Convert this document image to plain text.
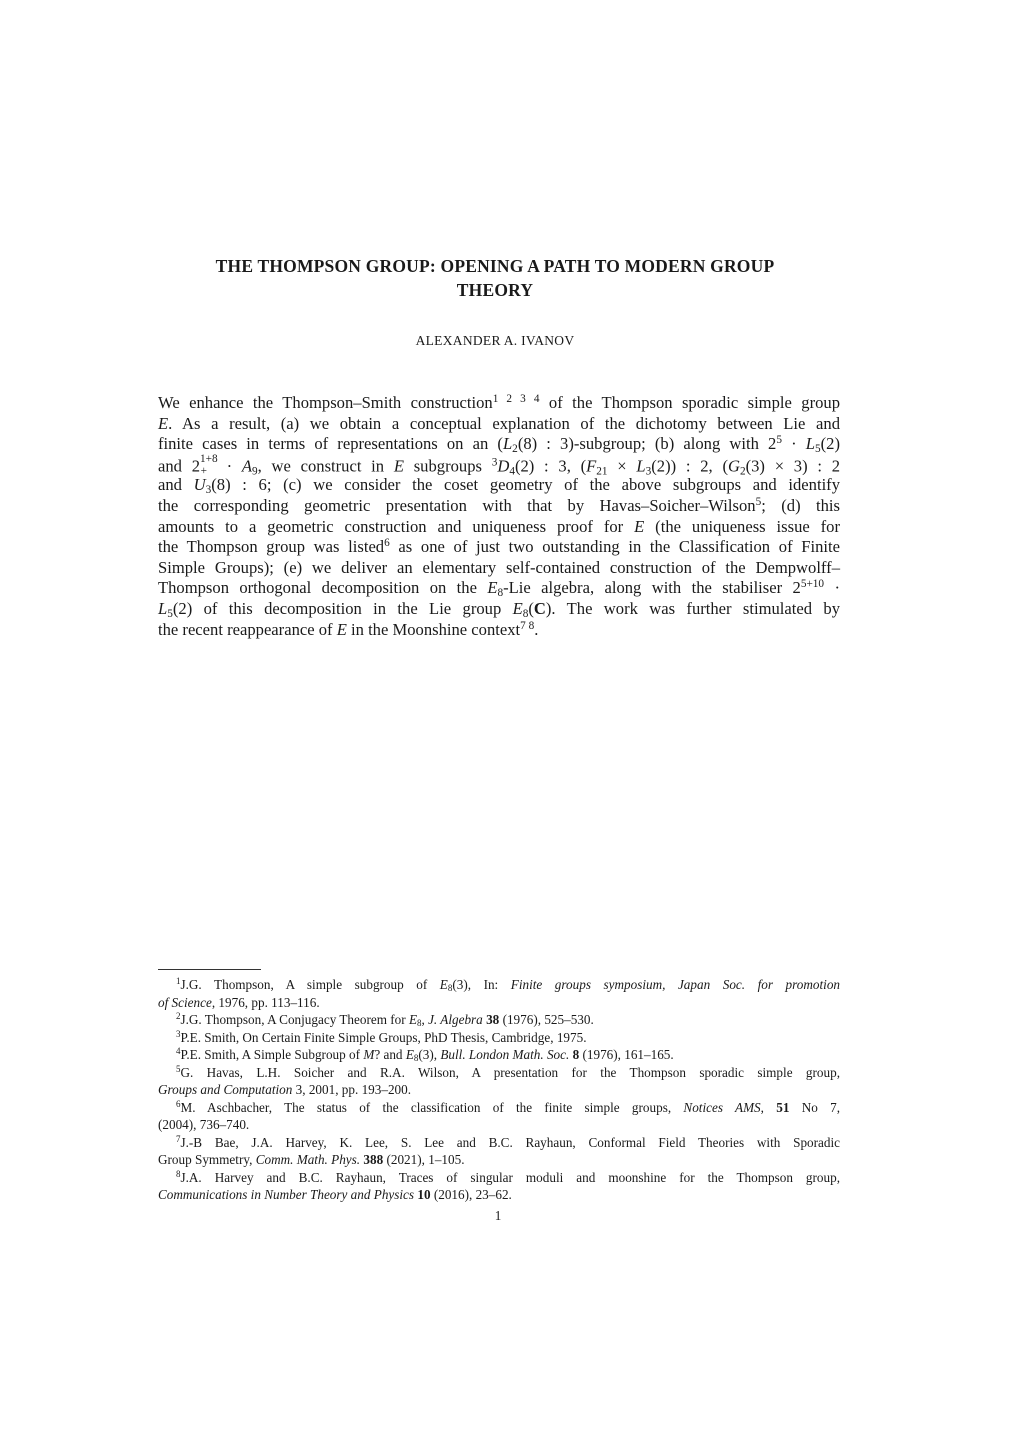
THE THOMPSON GROUP: OPENING A PATH TO MODERN GROUP
THEORY
ALEXANDER A. IVANOV
We enhance the Thompson–Smith construction$^{1 2 3 4}$ of the Thompson sporadic simple group
E. As a result, (a) we obtain a conceptual explanation of the dichotomy between Lie and
finite cases in terms of representations on an ($L_2(8)$ : 3)-subgroup; (b) along with $2^5 \cdot L_5(2)$
and 2 1+8
+ · $A_9$, we construct in E subgroups $^3D_4(2)$ : 3, $(F_{21} \times L_3(2))$ : 2, $(G_2(3) \times 3)$ : 2
and $U_3(8)$ : 6; (c) we consider the coset geometry of the above subgroups and identify
the corresponding geometric presentation with that by Havas–Soicher–Wilson$^5$; (d) this
amounts to a geometric construction and uniqueness proof for E (the uniqueness issue for
the Thompson group was listed$^6$ as one of just two outstanding in the Classification of Finite
Simple Groups); (e) we deliver an elementary self-contained construction of the Dempwolff–
Thompson orthogonal decomposition on the $E_8$-Lie algebra, along with the stabiliser $2^{5+10}$ ·
$L_5(2)$ of this decomposition in the Lie group $E_8(C)$. The work was further stimulated by
the recent reappearance of E in the Moonshine context$^{7 8}$.
$^1$J.G. Thompson, A simple subgroup of $E_8(3)$, In: Finite groups symposium, Japan Soc. for promotion
of Science, 1976, pp. 113–116.
$^2$J.G. Thompson, A Conjugacy Theorem for $E_8$, J. Algebra 38 (1976), 525–530.
$^3$P.E. Smith, On Certain Finite Simple Groups, PhD Thesis, Cambridge, 1975.
$^4$P.E. Smith, A Simple Subgroup of M? and $E_8(3)$, Bull. London Math. Soc. 8 (1976), 161–165.
$^5$G. Havas, L.H. Soicher and R.A. Wilson, A presentation for the Thompson sporadic simple group,
Groups and Computation 3, 2001, pp. 193–200.
$^6$M. Aschbacher, The status of the classification of the finite simple groups, Notices AMS, 51 No 7,
(2004), 736–740.
$^7$J.-B Bae, J.A. Harvey, K. Lee, S. Lee and B.C. Rayhaun, Conformal Field Theories with Sporadic
Group Symmetry, Comm. Math. Phys. 388 (2021), 1–105.
$^8$J.A. Harvey and B.C. Rayhaun, Traces of singular moduli and moonshine for the Thompson group,
Communications in Number Theory and Physics 10 (2016), 23–62.
1
